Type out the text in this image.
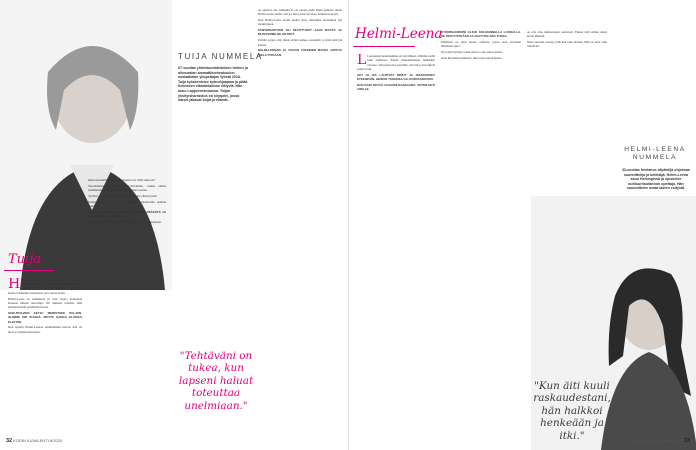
TUIJA NUMMELA
67-vuotias yhteiskuntatieteiden tohtori ja oikeusalan ammattikorkeakoulun sosiaalialan yliopettajan työstä 2018. Tuija työskentelee työnohjaajana ja pitää tietoiseen elämäntaitoon liittyviä. Hän asuu Lappeenrannassa. Tuijan yksityisharrastus on kirjapiiri, jossa naiset jakavat kirjat ja elämät.
Tuija

H Helmi-Leena syntyi vuonna 1967 Itä-Suomen pienessä kunnassa. Olin samaa eläkeikää kuin elämäntilanne: olimme vakioisen työpaikan kautta toisiimme tutustuneet pari vuotta sitten.

Helmi-Leena on kahdeksan ja viisi vuotta kouluajan Kaisaan lähtien nuorempi. Oli mukana erilaisia sekä yhteisiä hetkiä työelämän kautta.

SUKUPOLVIEN KETJU MERKITSEE PALJON. OLIMME ERI IKÄISIÄ, MUTTA SAMAA ELÄMÄÄ ELETTIIN.

Kun tapasin Helmi-Leenan ensimmäisen kerran, hän oli nuori ja täynnä innostusta.

hänen ensimmäinen kysymyksensä oli: Mitä sinä teet?

Suorittamme mallit siirryi työtärimme, vaikka emme tiedämmekään lopullista tuloksena tänä vuonna.

Työtilat olivat täynnä ihmisiä ja tehdimme yhteistyössä.

Pohjanmaalla puhuttiin ja jatkuvasti keskusteltiin elämän suunnasta.

KAIKKI TYTTÖMME OVAT LÄHTENEET PESÄSTÄ JA KASVANEET AIKUISIKSI.

Olen puuttunut asiaan ja olen kannustanut häntä jatkamaan.

on opittava me. Mimulla ei ole tapana pitää pitkiä puheita, mutta Helmi-Leena tietää, että jos hän jotain tarvitsee, kannattaa kysyä.

Kun Helmi-Leena aloitti uuden työn, tunsimme molemmat sen merkityksen.

PANTERIAIKTKIN OLI MUUTTUNUT AJAN MYÖTÄ JA MUISTAMME NE HETKET.

Pohdin paljon sitä, miten elämä kulkee eteenpäin ja mitä siitä jää käteen.

HELMI-LEENAN JA TUIJAN YHTEINEN MATKA JATKUU VIELÄ PITKÄÄN.

"Tehtäväni on tukea, kun lapseni haluat toteuttaa unelmiaan."
32 KODIN KUVALEHTI 6/2020
Helmi-Leena

L Lapsuuteni koulunamme oli tarvallinen. Olimme siellä kuin naimassa. Kaljin maksakuiskaan hämärästi taivasta. Tolat kertoivat perittäin, että äiti ja isä tekivät paljon töitä.

ÄITI JA ISÄ LÄHTIVÄT MINUT JA SISARUKSET ETEENPÄIN. HEIDÄN TUKENSA OLI KORVAAMATON.

KUN SAIN TIETÄÄ OLEVANI RASKAANA, SOITIN HETI ÄIDILLE.

SYÖMISHÄIRIÖNI ALKOI KOLMANNELLA LUOKALLA. SE KESTI PITKÄÄN JA VAATI PALJON TUKEA.

Elämässä on ollut monia vaiheita, joissa olen tarvinnut läheisteni apua.

Nyt olen löytänyt oman tieni ja voin auttaa muita.

Olen kiitollinen kaikesta, mitä olen saanut kokea.

on olta aina kiinnostunut asioistani. Ennen teitä emme olleet kovin läheisiä.

Näen tiessäni saavuja pitävänä kuin äidissä. Hän on aina ollut rinnallani.

HELMI-LEENA NUMMELA
33-vuotias freelance-näyttelijä ohjelman suunnittelija ja kehittäjä. Helmi-Leena asuu Helsingissä ja opiskelee kulttuurituotannon opettaja. Hän suunnittelee omaa lasten esitystä.
"Kun äiti kuuli raskaudestani, hän halkkoi henkeään ja itki."	6/2020 KODIN KUVALEHTI 33
